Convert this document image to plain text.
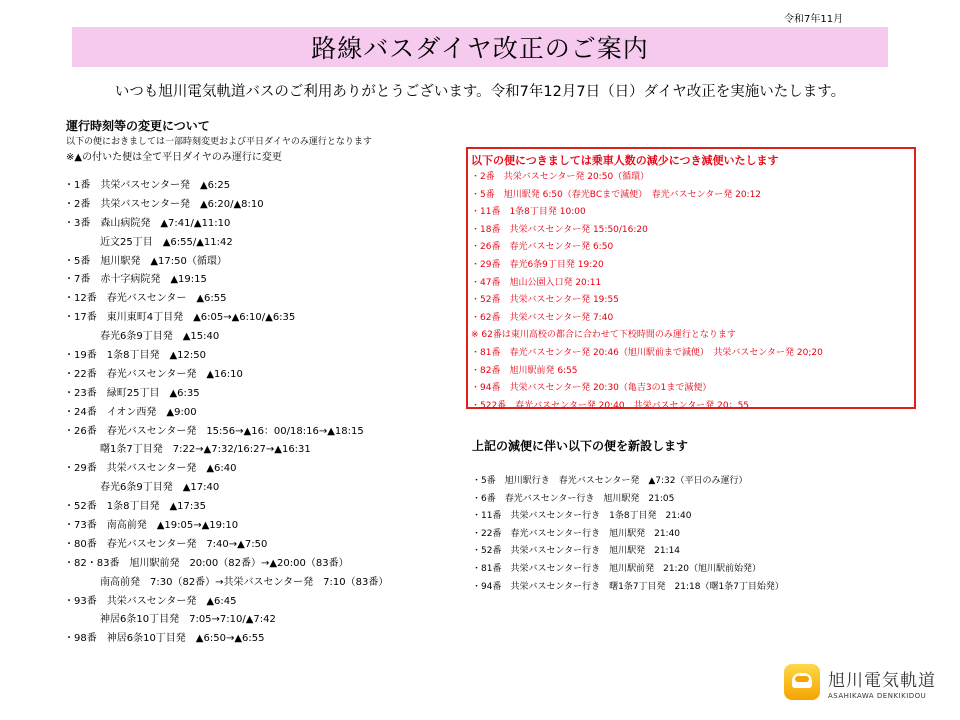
令和7年11月
路線バスダイヤ改正のご案内
いつも旭川電気軌道バスのご利用ありがとうございます。令和7年12月7日（日）ダイヤ改正を実施いたします。
運行時刻等の変更について
以下の便におきましては一部時刻変更および平日ダイヤのみ運行となります
※▲の付いた便は全て平日ダイヤのみ運行に変更
・1番　共栄バスセンター発　▲6:25
・2番　共栄バスセンター発　▲6:20/▲8:10
・3番　森山病院発　▲7:41/▲11:10
近文25丁目　▲6:55/▲11:42
・5番　旭川駅発　▲17:50（循環）
・7番　赤十字病院発　▲19:15
・12番　春光バスセンター　▲6:55
・17番　東川東町4丁目発　▲6:05→▲6:10/▲6:35
春光6条9丁目発　▲15:40
・19番　1条8丁目発　▲12:50
・22番　春光バスセンター発　▲16:10
・23番　緑町25丁目　▲6:35
・24番　イオン西発　▲9:00
・26番　春光バスセンター発　15:56→▲16：00/18:16→▲18:15
曙1条7丁目発　7:22→▲7:32/16:27→▲16:31
・29番　共栄バスセンター発　▲6:40
春光6条9丁目発　▲17:40
・52番　1条8丁目発　▲17:35
・73番　南高前発　▲19:05→▲19:10
・80番　春光バスセンター発　7:40→▲7:50
・82・83番　旭川駅前発　20:00（82番）→▲20:00（83番）
南高前発　7:30（82番）→共栄バスセンター発　7:10（83番）
・93番　共栄バスセンター発　▲6:45
神居6条10丁目発　7:05→7:10/▲7:42
・98番　神居6条10丁目発　▲6:50→▲6:55
以下の便につきましては乗車人数の減少につき減便いたします
・2番　共栄バスセンター発 20:50（循環）
・5番　旭川駅発 6:50（春光BCまで減便）　春光バスセンター発 20:12
・11番　1条8丁目発 10:00
・18番　共栄バスセンター発 15:50/16:20
・26番　春光バスセンター発 6:50
・29番　春光6条9丁目発 19:20
・47番　旭山公園入口発 20:11
・52番　共栄バスセンター発 19:55
・62番　共栄バスセンター発 7:40
※ 62番は東川高校の都合に合わせて下校時間のみ運行となります
・81番　春光バスセンター発 20:46（旭川駅前まで減便）　共栄バスセンター発 20;20
・82番　旭川駅前発 6:55
・94番　共栄バスセンター発 20:30（亀吉3の1まで減便）
・522番　春光バスセンター発 20:40　共栄バスセンター発 20：55
上記の減便に伴い以下の便を新設します
・5番　旭川駅行き　春光バスセンター発　▲7:32（平日のみ運行）
・6番　春光バスセンター行き　旭川駅発　21:05
・11番　共栄バスセンター行き　1条8丁目発　21:40
・22番　春光バスセンター行き　旭川駅発　21:40
・52番　共栄バスセンター行き　旭川駅発　21:14
・81番　共栄バスセンター行き　旭川駅前発　21:20（旭川駅前始発）
・94番　共栄バスセンター行き　曙1条7丁目発　21:18（曙1条7丁目始発）
旭川電気軌道
ASAHIKAWA DENKIKIDOU
